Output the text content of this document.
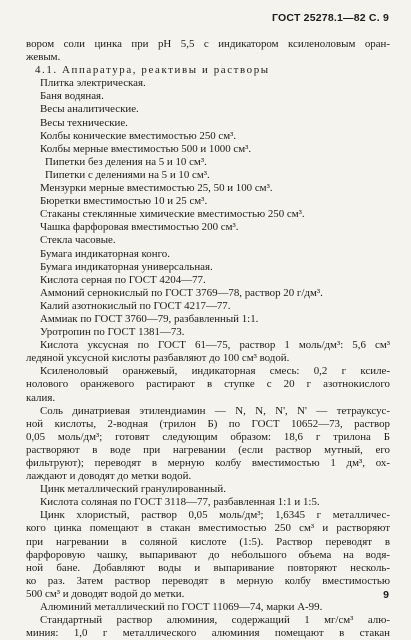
ГОСТ 25278.1—82 С. 9
вором соли цинка при pH 5,5 с индикатором ксиленоловым оран-
жевым.
4.1. Аппаратура, реактивы и растворы
Плитка электрическая.
Баня водяная.
Весы аналитические.
Весы технические.
Колбы конические вместимостью 250 см³.
Колбы мерные вместимостью 500 и 1000 см³.
Пипетки без деления на 5 и 10 см³.
Пипетки с делениями на 5 и 10 см³.
Мензурки мерные вместимостью 25, 50 и 100 см³.
Бюретки вместимостью 10 и 25 см³.
Стаканы стеклянные химические вместимостью 250 см³.
Чашка фарфоровая вместимостью 200 см³.
Стекла часовые.
Бумага индикаторная конго.
Бумага индикаторная универсальная.
Кислота серная по ГОСТ 4204—77.
Аммоний сернокислый по ГОСТ 3769—78, раствор 20 г/дм³.
Калий азотнокислый по ГОСТ 4217—77.
Аммиак по ГОСТ 3760—79, разбавленный 1:1.
Уротропин по ГОСТ 1381—73.
Кислота уксусная по ГОСТ 61—75, раствор 1 моль/дм³: 5,6 см³
ледяной уксусной кислоты разбавляют до 100 см³ водой.
Ксиленоловый оранжевый, индикаторная смесь: 0,2 г ксиле-
нолового оранжевого растирают в ступке с 20 г азотнокислого
калия.
Соль динатриевая этилендиамин — N, N, N', N' — тетрауксус-
ной кислоты, 2-водная (трилон Б) по ГОСТ 10652—73, раствор
0,05 моль/дм³; готовят следующим образом: 18,6 г трилона Б
растворяют в воде при нагревании (если раствор мутный, его
фильтруют); переводят в мерную колбу вместимостью 1 дм³, ох-
лаждают и доводят до метки водой.
Цинк металлический гранулированный.
Кислота соляная по ГОСТ 3118—77, разбавленная 1:1 и 1:5.
Цинк хлористый, раствор 0,05 моль/дм³; 1,6345 г металличес-
кого цинка помещают в стакан вместимостью 250 см³ и растворяют
при нагревании в соляной кислоте (1:5). Раствор переводят в
фарфоровую чашку, выпаривают до небольшого объема на водя-
ной бане. Добавляют воды и выпаривание повторяют несколь-
ко раз. Затем раствор переводят в мерную колбу вместимостью
500 см³ и доводят водой до метки.
Алюминий металлический по ГОСТ 11069—74, марки А-99.
Стандартный раствор алюминия, содержащий 1 мг/см³ алю-
миния: 1,0 г металлического алюминия помещают в стакан
9
